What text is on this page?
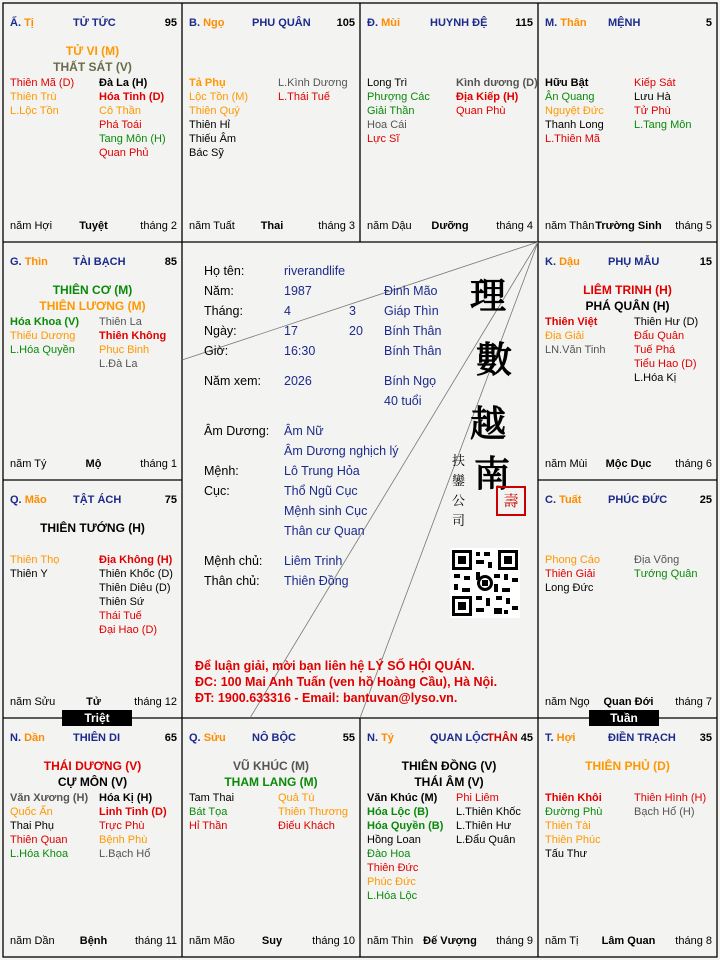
Ấ. Tị	TỬ TỨC	95
TỬ VI (M)
THẤT SÁT (V)
Thiên Mã (D)
Thiên Trù
L.Lộc Tồn
Đà La (H)
Hóa Tinh (D)
Cô Thần
Phá Toái
Tang Môn (H)
Quan Phủ
năm Hợi	Tuyệt	tháng 2
B. Ngọ	PHU QUÂN 105
Tả Phụ
Lộc Tồn (M)
Thiên Quý
Thiên Hỉ
Thiếu Âm
Bác Sỹ
L.Kình Dương
L.Thái Tuế
năm Tuất	Thai	tháng 3
Đ. Mùi	HUYNH ĐỆ	115
Long Trì
Phượng Các
Giải Thần
Hoa Cái
Lực Sĩ
Kình dương (D)
Địa Kiếp (H)
Quan Phù
năm Dậu	Dưỡng	tháng 4
M. Thân MỆNH	5
Hữu Bật
Ân Quang
Nguyệt Đức
Thanh Long
L.Thiên Mã
Kiếp Sát
Lưu Hà
Tử Phù
L.Tang Môn
năm Thân Trường Sinh	tháng 5
G. Thìn TÀI BẠCH	85
THIÊN CƠ (M)
THIÊN LƯƠNG (M)
Hóa Khoa (V)
Thiếu Dương
L.Hóa Quyền
Thiên La
Thiên Không
Phục Binh
L.Đà La
năm Tý	Mộ	tháng 1
K. Dậu	PHỤ MẪU	15
LIÊM TRINH (H)
PHÁ QUÂN (H)
Thiên Việt
Địa Giải
LN.Văn Tinh
Thiên Hư (D)
Đẩu Quân
Tuế Phá
Tiểu Hao (D)
L.Hóa Kị
năm Mùi	Mộc Dục	tháng 6
Q. Mão TẬT ÁCH	75
THIÊN TƯỚNG (H)
Thiên Thọ
Thiên Y
Địa Không (H)
Thiên Khốc (D)
Thiên Diêu (D)
Thiên Sứ
Thái Tuế
Đại Hao (D)
năm Sửu	Tử	tháng 12
C. Tuất PHÚC ĐỨC	25
Phong Cáo
Thiên Giải
Long Đức
Địa Võng
Tướng Quân
năm Ngọ	Quan Đới	tháng 7
N. Dần	THIÊN DI	65
THÁI DƯƠNG (V)
CỰ MÔN (V)
Văn Xương (H)
Quốc Ấn
Thai Phụ
Thiên Quan
L.Hóa Khoa
Hóa Kị (H)
Linh Tinh (D)
Trực Phù
Bệnh Phù
L.Bạch Hổ
năm Dần	Bệnh	tháng 11
Q. Sửu NÔ BỘC	55
VŨ KHÚC (M)
THAM LANG (M)
Tam Thai
Bát Tọa
Hỉ Thần
Quả Tú
Thiên Thương
Điếu Khách
năm Mão	Suy	tháng 10
N. Tý	QUAN LỘC
THÂN 45
THIÊN ĐỒNG (V)
THÁI ÂM (V)
Văn Khúc (M)
Hóa Lộc (B)
Hóa Quyền (B)
Hồng Loan
Đào Hoa
Thiên Đức
Phúc Đức
L.Hóa Lộc
Phi Liêm
L.Thiên Khốc
L.Thiên Hư
L.Đẩu Quân
năm Thìn Đế Vượng	tháng 9
T. Hợi	ĐIỀN TRẠCH 35
THIÊN PHỦ (D)
Thiên Khôi
Đường Phù
Thiên Tài
Thiên Phúc
Tấu Thư
Thiên Hình (H)
Bạch Hổ (H)
năm Tị	Lâm Quan	tháng 8
Họ tên:	riverandlife
Năm:	1987	Đinh Mão
Tháng:	4	3 Giáp Thìn
Ngày:	17	20 Bính Thân
Giờ:	16:30	Bính Thân
Năm xem: 2026	Bính Ngọ
40 tuổi
Âm Dương: Âm Nữ
Âm Dương nghịch lý
Mệnh:	Lô Trung Hỏa
Cục:	Thổ Ngũ Cục
Mệnh sinh Cục
Thân cư Quan
Mệnh chủ: Liêm Trinh
Thân chủ: Thiên Đồng
理
數
越
南
壽
扶
鑾
公
司
Để luận giải, mời bạn liên hệ LÝ SỐ HỘI QUÁN.
ĐC: 100 Mai Anh Tuấn (ven hồ Hoàng Cầu), Hà Nội.
ĐT: 1900.633316 - Email: bantuvan@lyso.vn.
Triệt	Tuần
